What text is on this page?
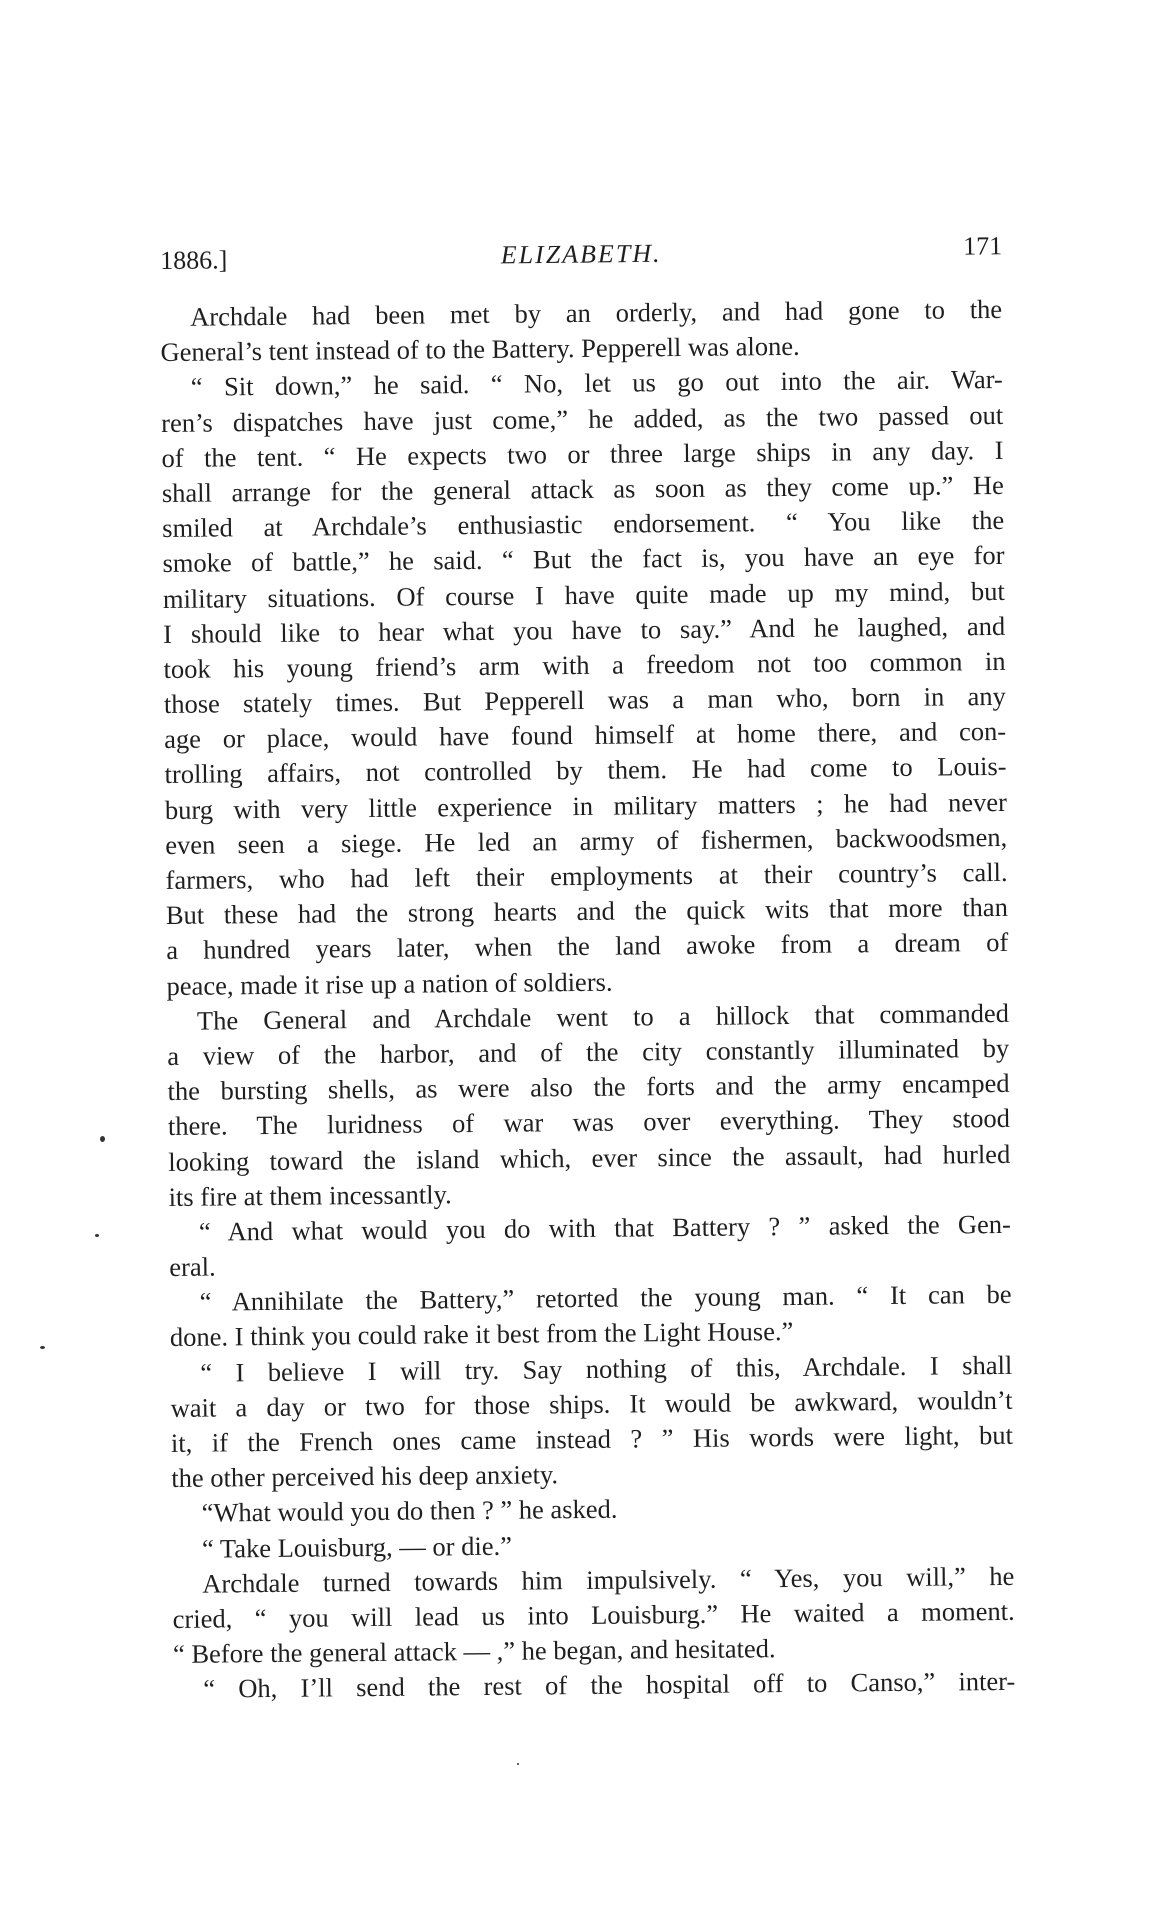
1886.]	ELIZABETH.	171
Archdale had been met by an orderly, and had gone to the
General’s tent instead of to the Battery. Pepperell was alone.
“ Sit down,” he said. “ No, let us go out into the air. War-
ren’s dispatches have just come,” he added, as the two passed out
of the tent. “ He expects two or three large ships in any day. I
shall arrange for the general attack as soon as they come up.” He
smiled at Archdale’s enthusiastic endorsement. “ You like the
smoke of battle,” he said. “ But the fact is, you have an eye for
military situations. Of course I have quite made up my mind, but
I should like to hear what you have to say.” And he laughed, and
took his young friend’s arm with a freedom not too common in
those stately times. But Pepperell was a man who, born in any
age or place, would have found himself at home there, and con-
trolling affairs, not controlled by them. He had come to Louis-
burg with very little experience in military matters ; he had never
even seen a siege. He led an army of fishermen, backwoodsmen,
farmers, who had left their employments at their country’s call.
But these had the strong hearts and the quick wits that more than
a hundred years later, when the land awoke from a dream of
peace, made it rise up a nation of soldiers.
The General and Archdale went to a hillock that commanded
a view of the harbor, and of the city constantly illuminated by
the bursting shells, as were also the forts and the army encamped
there. The luridness of war was over everything. They stood
looking toward the island which, ever since the assault, had hurled
its fire at them incessantly.
“ And what would you do with that Battery ? ” asked the Gen-
eral.
“ Annihilate the Battery,” retorted the young man. “ It can be
done. I think you could rake it best from the Light House.”
“ I believe I will try. Say nothing of this, Archdale. I shall
wait a day or two for those ships. It would be awkward, wouldn’t
it, if the French ones came instead ? ” His words were light, but
the other perceived his deep anxiety.
“What would you do then ? ” he asked.
“ Take Louisburg, — or die.”
Archdale turned towards him impulsively. “ Yes, you will,” he
cried, “ you will lead us into Louisburg.” He waited a moment.
“ Before the general attack — ,” he began, and hesitated.
“ Oh, I’ll send the rest of the hospital off to Canso,” inter-
